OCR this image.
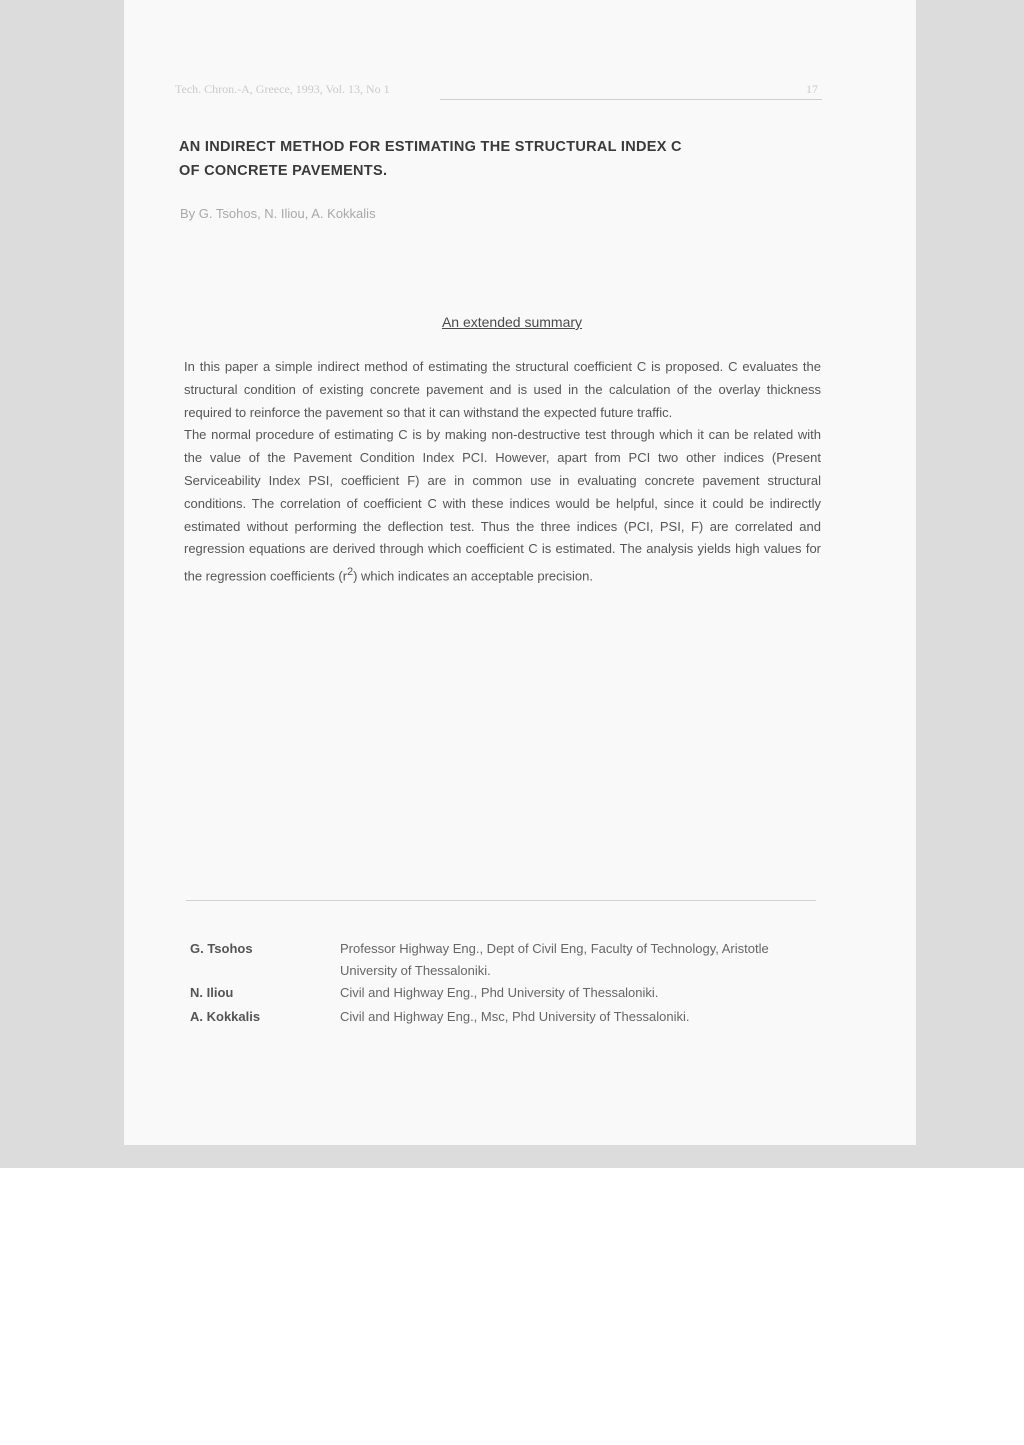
Tech. Chron.-A, Greece, 1993, Vol. 13, No 1	17
AN INDIRECT METHOD FOR ESTIMATING THE STRUCTURAL INDEX C
OF CONCRETE PAVEMENTS.
By G. Tsohos, N. Iliou, A. Kokkalis
An extended summary

In this paper a simple indirect method of estimating the structural coefficient C is proposed. C evaluates the structural condition of existing concrete pavement and is used in the calculation of the overlay thickness required to reinforce the pavement so that it can withstand the expected future traffic.

The normal procedure of estimating C is by making non-destructive test through which it can be related with the value of the Pavement Condition Index PCI. However, apart from PCI two other indices (Present Serviceability Index PSI, coefficient F) are in common use in evaluating concrete pavement structural conditions. The correlation of coefficient C with these indices would be helpful, since it could be indirectly estimated without performing the deflection test. Thus the three indices (PCI, PSI, F) are correlated and regression equations are derived through which coefficient C is estimated. The analysis yields high values for the regression coefficients $(r^2)$ which indicates an acceptable precision.

G. Tsohos	Professor Highway Eng., Dept of Civil Eng, Faculty of Technology, Aristotle University of Thessaloniki.
N. Iliou	Civil and Highway Eng., Phd University of Thessaloniki.
A. Kokkalis	Civil and Highway Eng., Msc, Phd University of Thessaloniki.
